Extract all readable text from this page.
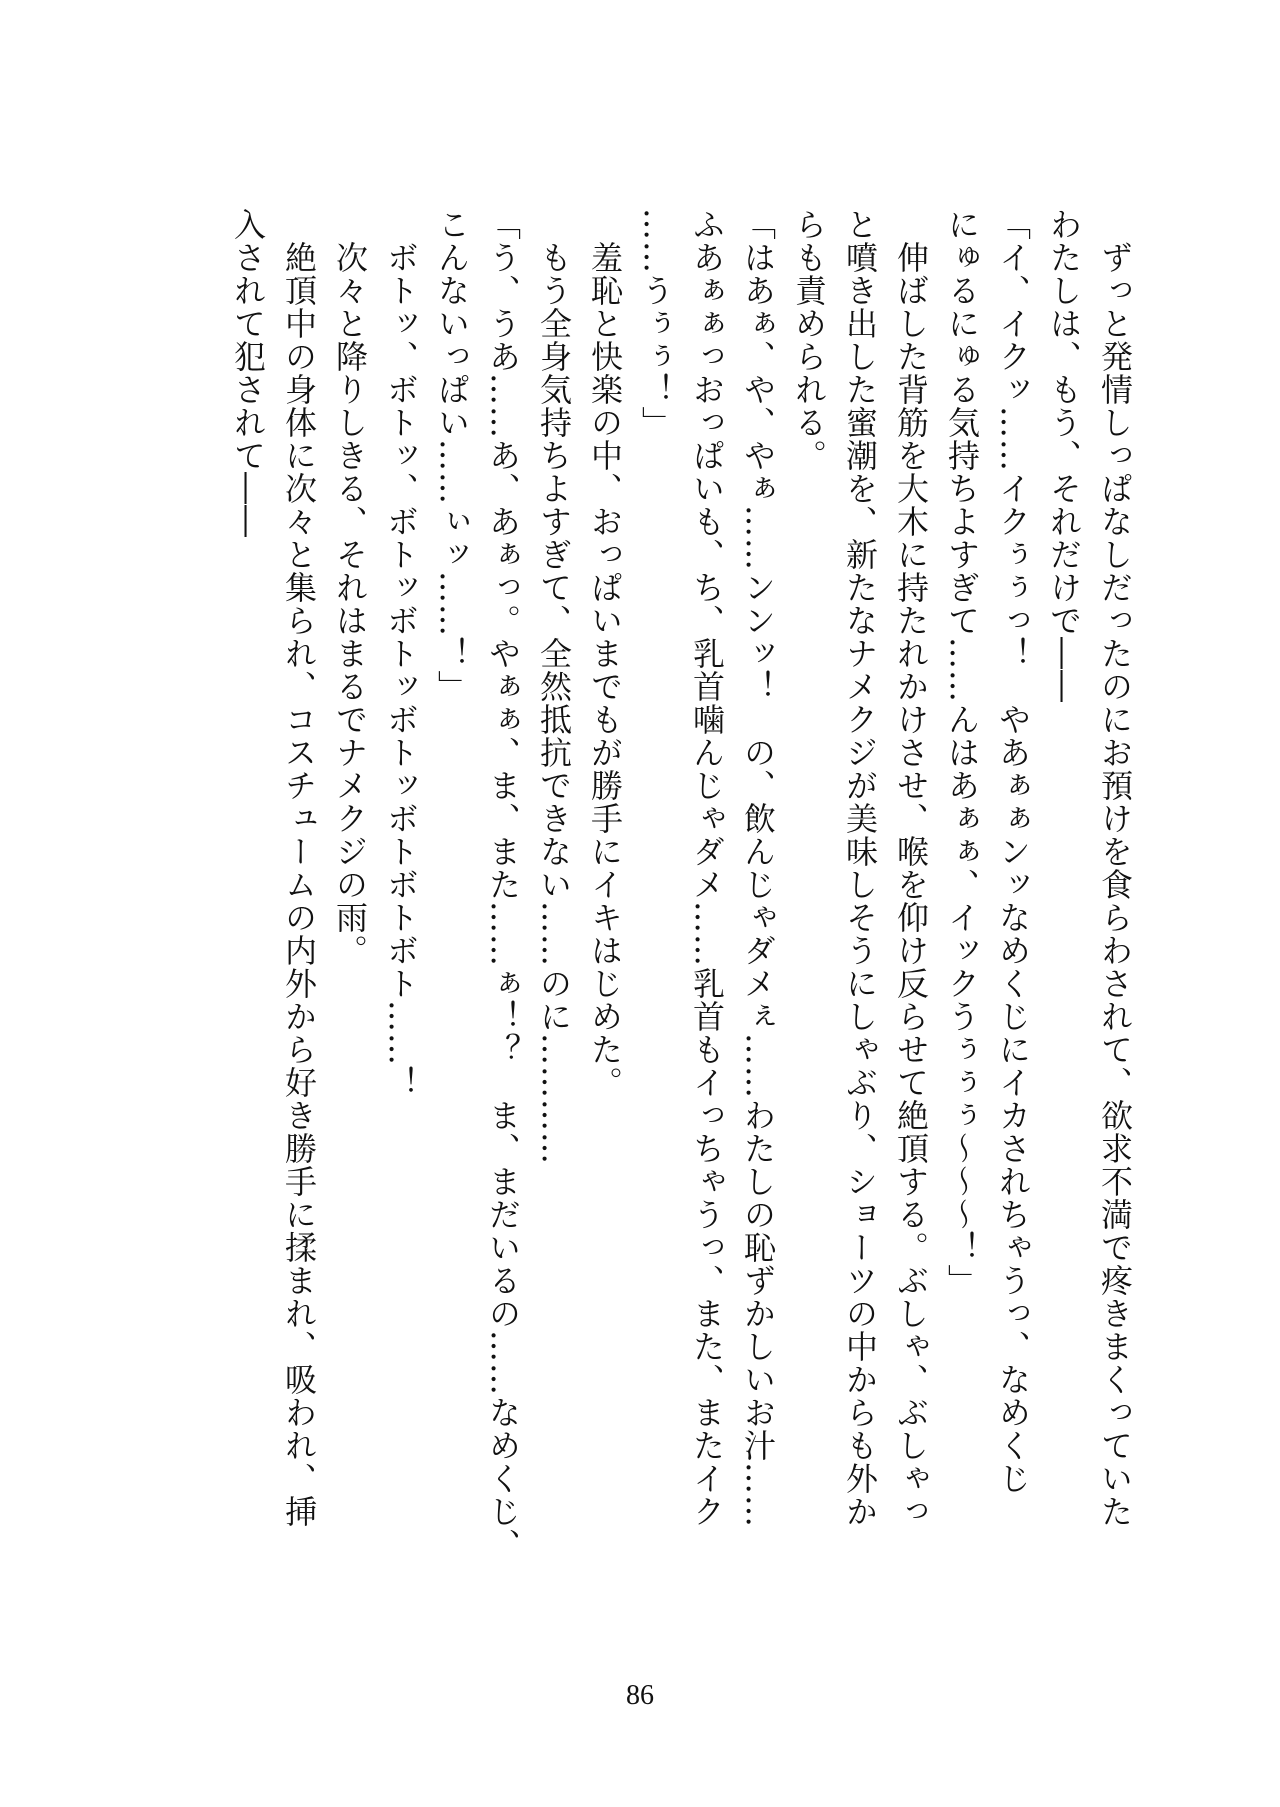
　ずっと発情しっぱなしだったのにお預けを食らわされて、欲求不満で疼きまくっていた
わたしは、もう、それだけで――
「イ、イクッ……イクぅぅっ！　やあぁぁンッなめくじにイカされちゃうっ、なめくじ
にゅるにゅる気持ちよすぎて……んはあぁぁ、イックうぅぅぅ～～～！」
　伸ばした背筋を大木に持たれかけさせ、喉を仰け反らせて絶頂する。ぶしゃ、ぶしゃっ
と噴き出した蜜潮を、新たなナメクジが美味しそうにしゃぶり、ショーツの中からも外か
らも責められる。
「はあぁ、や、やぁ……ンンッ！　の、飲んじゃダメぇ……わたしの恥ずかしいお汁……
ふあぁぁっおっぱいも、ち、乳首噛んじゃダメ……乳首もイっちゃうっ、また、またイク
……うぅぅ！」
　羞恥と快楽の中、おっぱいまでもが勝手にイキはじめた。
　もう全身気持ちよすぎて、全然抵抗できない……のに…………
「う、うあ……あ、あぁっ。やぁぁ、ま、また……ぁ！？　ま、まだいるの……なめくじ、
こんないっぱい……ぃッ……！」
　ボトッ、ボトッ、ボトッボトッボトッボトボトボト……！
　次々と降りしきる、それはまるでナメクジの雨。
　絶頂中の身体に次々と集られ、コスチュームの内外から好き勝手に揉まれ、吸われ、挿
入されて犯されて――
86
